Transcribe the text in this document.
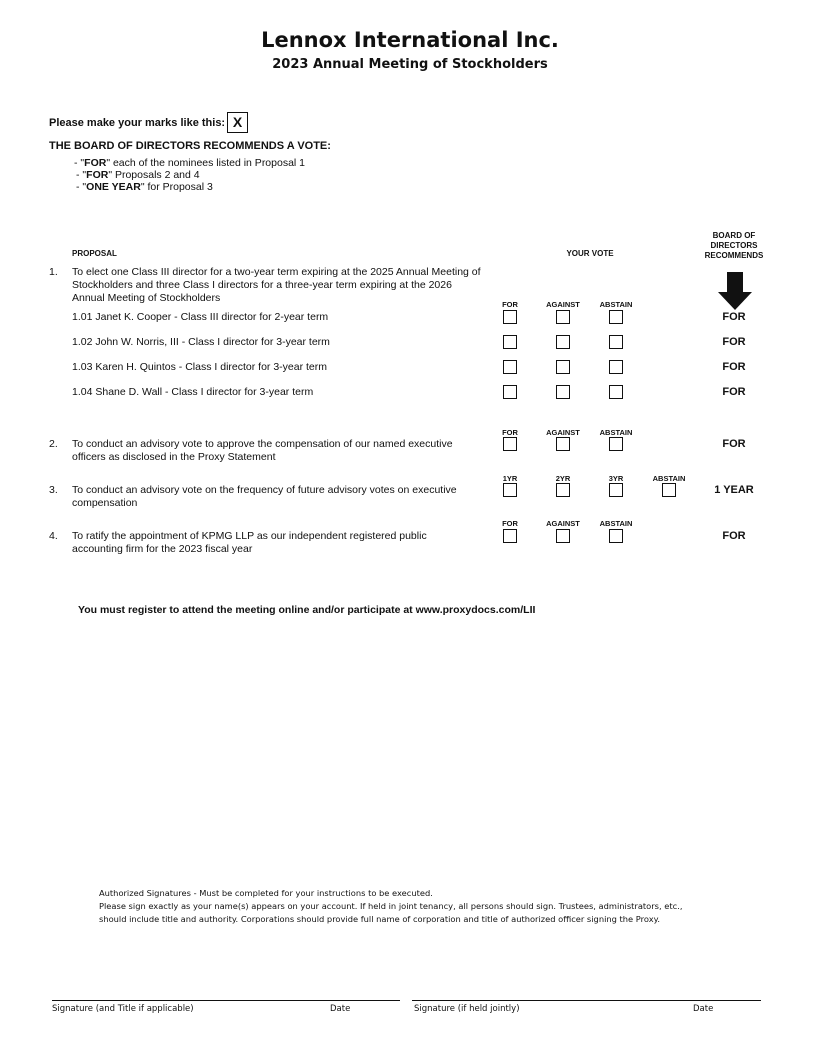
Lennox International Inc.
2023 Annual Meeting of Stockholders
Please make your marks like this: X
THE BOARD OF DIRECTORS RECOMMENDS A VOTE:
- "FOR" each of the nominees listed in Proposal 1
- "FOR" Proposals 2 and 4
- "ONE YEAR" for Proposal 3
PROPOSAL	YOUR VOTE
BOARD OF
DIRECTORS
RECOMMENDS
1. To elect one Class III director for a two-year term expiring at the 2025 Annual Meeting of Stockholders and three Class I directors for a three-year term expiring at the 2026 Annual Meeting of Stockholders
FOR	AGAINST	ABSTAIN
1.01 Janet K. Cooper - Class III director for 2-year term	FOR
1.02 John W. Norris, III - Class I director for 3-year term	FOR
1.03 Karen H. Quintos - Class I director for 3-year term	FOR
1.04 Shane D. Wall - Class I director for 3-year term	FOR
FOR	AGAINST	ABSTAIN
2. To conduct an advisory vote to approve the compensation of our named executive officers as disclosed in the Proxy Statement
FOR
1YR	2YR	3YR	ABSTAIN
3. To conduct an advisory vote on the frequency of future advisory votes on executive compensation
1 YEAR
FOR	AGAINST	ABSTAIN
4. To ratify the appointment of KPMG LLP as our independent registered public accounting firm for the 2023 fiscal year
FOR
You must register to attend the meeting online and/or participate at www.proxydocs.com/LII
Authorized Signatures - Must be completed for your instructions to be executed.
Please sign exactly as your name(s) appears on your account. If held in joint tenancy, all persons should sign. Trustees, administrators, etc.,
should include title and authority. Corporations should provide full name of corporation and title of authorized officer signing the Proxy.
Signature (and Title if applicable)	Date	Signature (if held jointly)	Date
